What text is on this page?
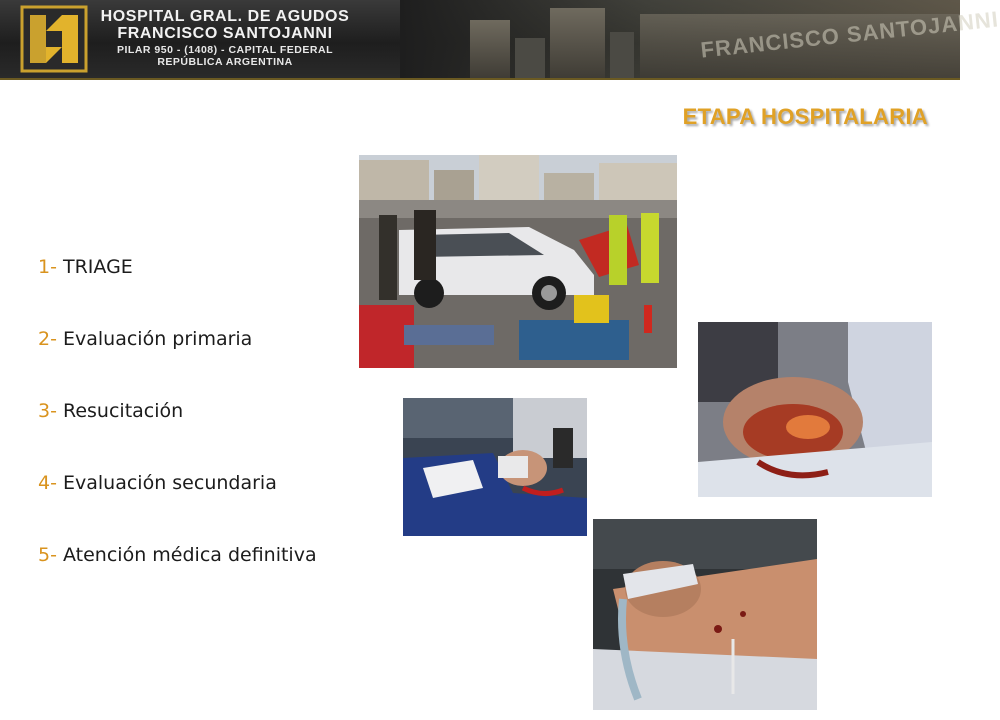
FRANCISCO SANTOJANNI
HOSPITAL GRAL. DE AGUDOS
FRANCISCO SANTOJANNI
PILAR 950 - (1408) - CAPITAL FEDERAL
REPÚBLICA ARGENTINA
ETAPA HOSPITALARIA
1- TRIAGE
2- Evaluación primaria
3- Resucitación
4- Evaluación secundaria
5- Atención médica definitiva
